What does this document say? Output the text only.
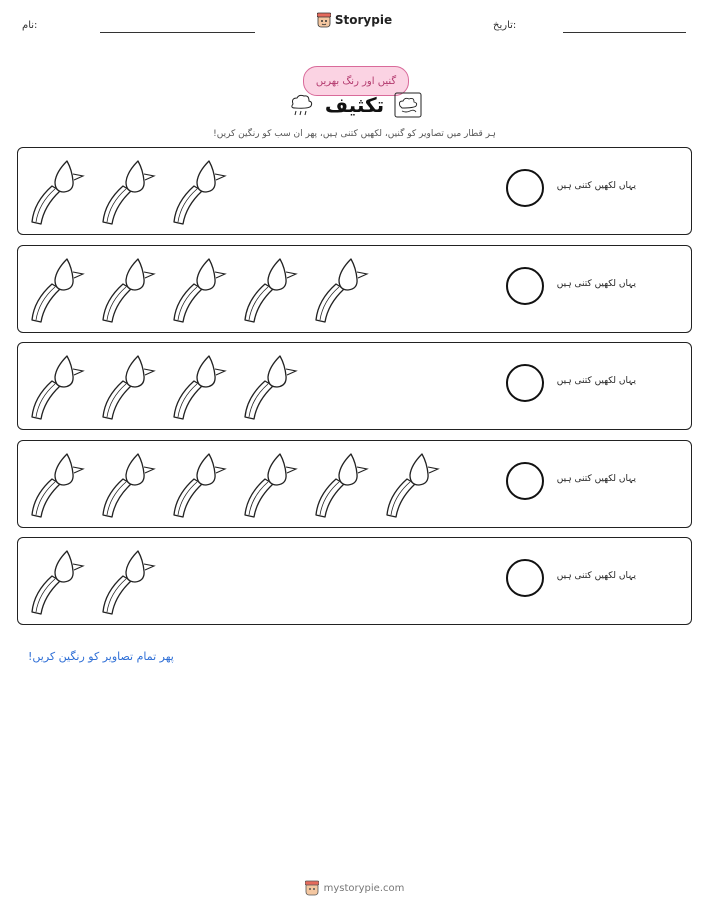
نام:	Storypie	تاریخ:
گنیں اور رنگ بھریں
تکثیف
ہر قطار میں تصاویر کو گنیں، لکھیں کتنی ہیں، پھر ان سب کو رنگین کریں!
یہاں لکھیں کتنی ہیں
یہاں لکھیں کتنی ہیں
یہاں لکھیں کتنی ہیں
یہاں لکھیں کتنی ہیں
یہاں لکھیں کتنی ہیں
پھر تمام تصاویر کو رنگین کریں!
mystorypie.com
